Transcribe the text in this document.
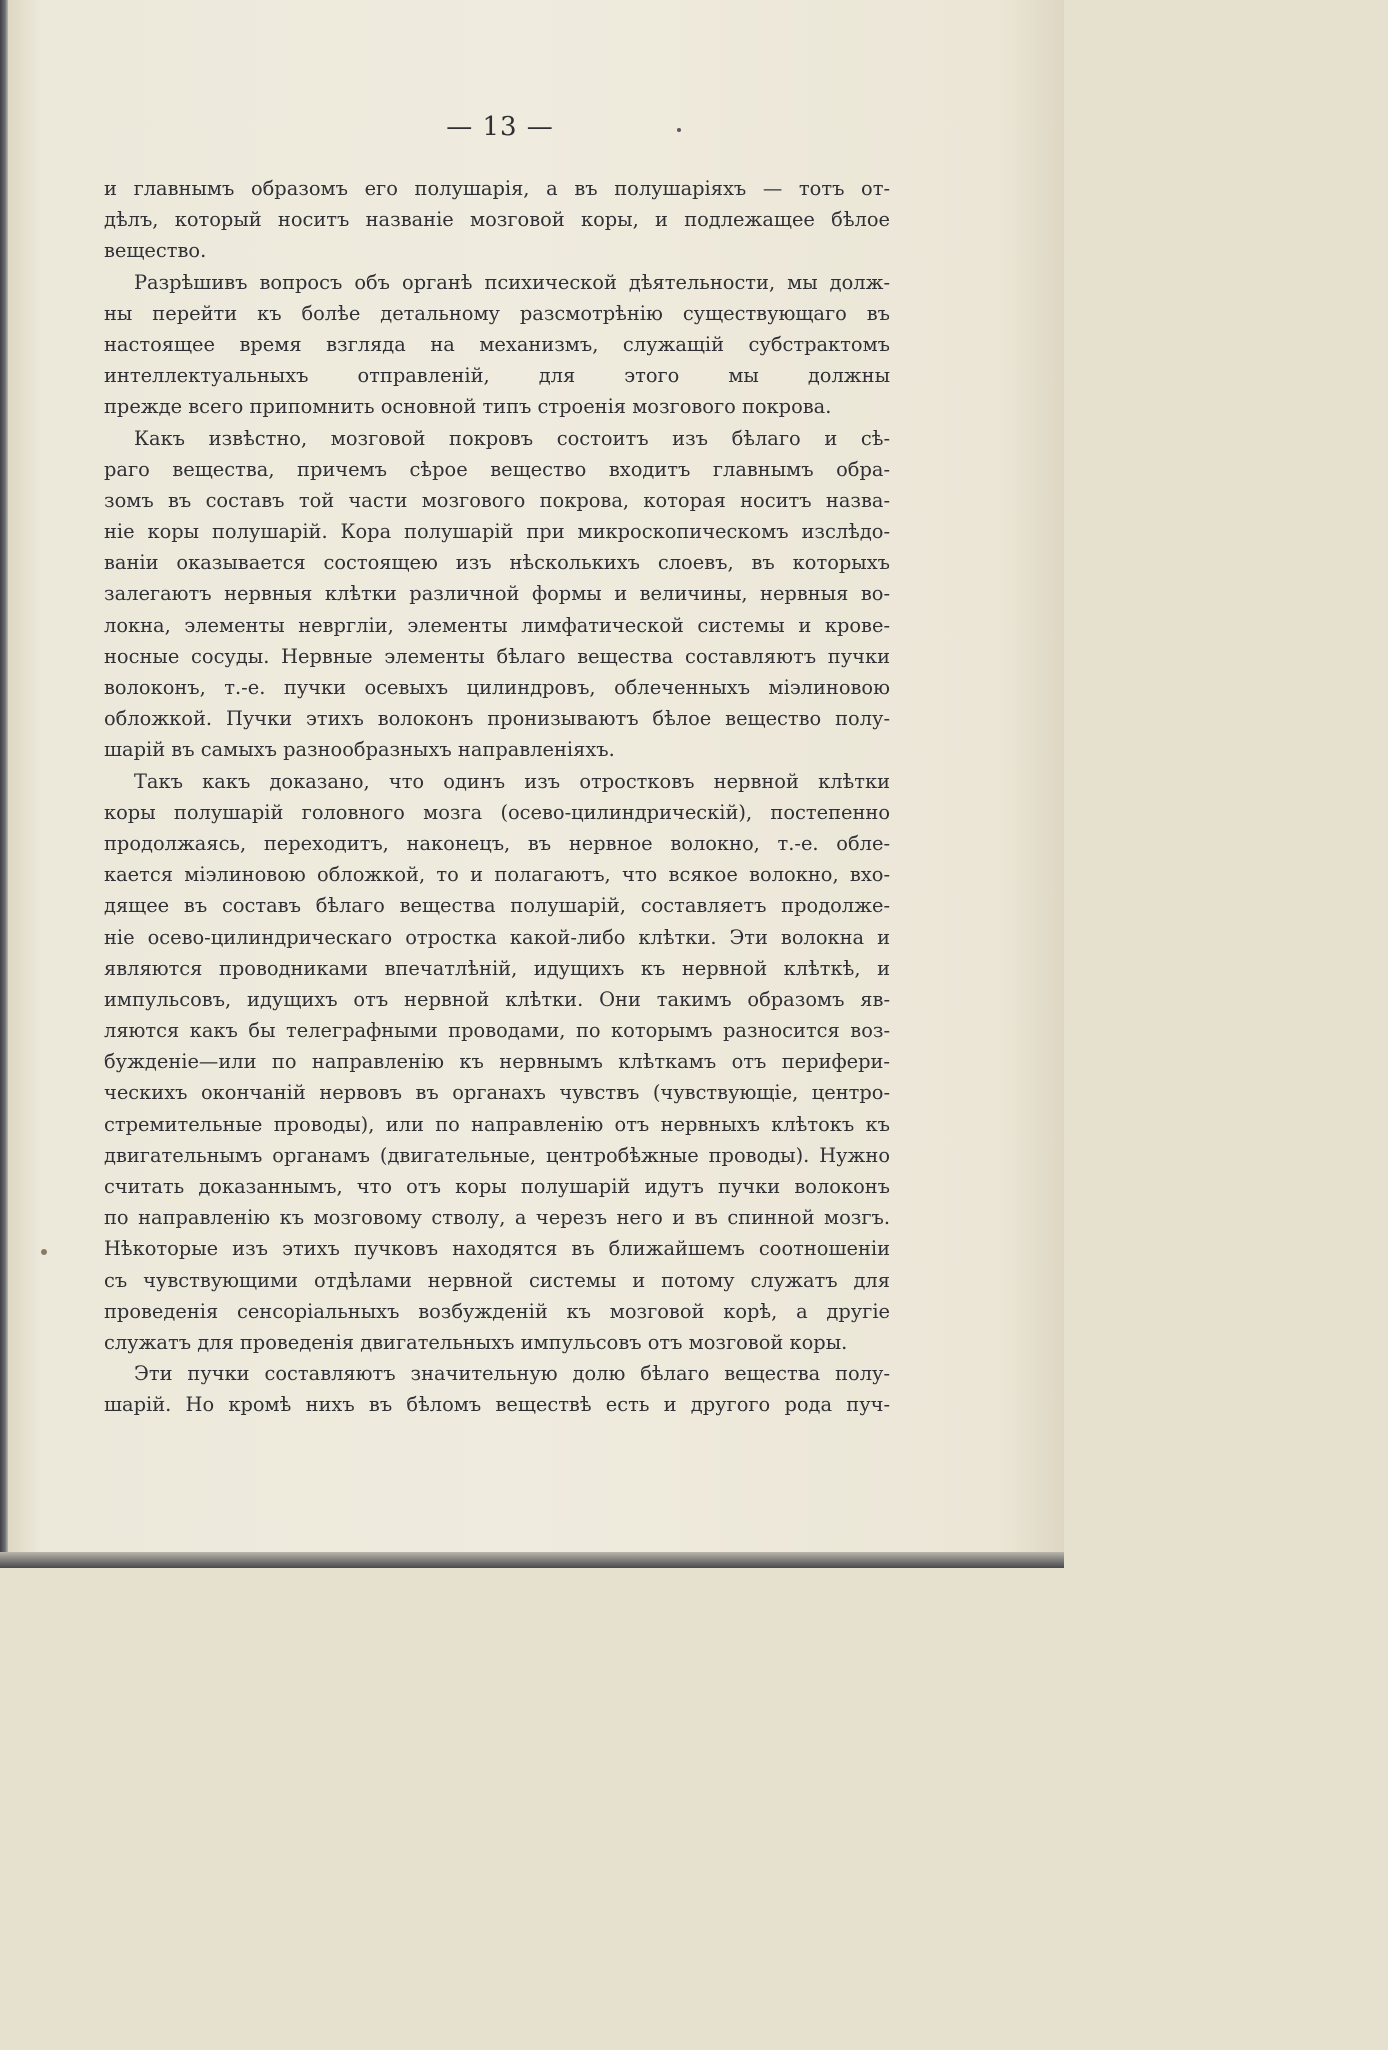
— 13 —
и главнымъ образомъ его полушарія, а въ полушаріяхъ — тотъ от-
дѣлъ, который носитъ названіе мозговой коры, и подлежащее бѣлое
вещество.
Разрѣшивъ вопросъ объ органѣ психической дѣятельности, мы долж-
ны перейти къ болѣе детальному разсмотрѣнію существующаго въ
настоящее время взгляда на механизмъ, служащій субстрактомъ
интеллектуальныхъ отправленій, для этого мы должны
прежде всего припомнить основной типъ строенія мозгового покрова.
Какъ извѣстно, мозговой покровъ состоитъ изъ бѣлаго и сѣ-
раго вещества, причемъ сѣрое вещество входитъ главнымъ обра-
зомъ въ составъ той части мозгового покрова, которая носитъ назва-
ніе коры полушарій. Кора полушарій при микроскопическомъ изслѣдо-
ваніи оказывается состоящею изъ нѣсколькихъ слоевъ, въ которыхъ
залегаютъ нервныя клѣтки различной формы и величины, нервныя во-
локна, элементы невргліи, элементы лимфатической системы и крове-
носные сосуды. Нервные элементы бѣлаго вещества составляютъ пучки
волоконъ, т.-е. пучки осевыхъ цилиндровъ, облеченныхъ міэлиновою
обложкой. Пучки этихъ волоконъ пронизываютъ бѣлое вещество полу-
шарій въ самыхъ разнообразныхъ направленіяхъ.
Такъ какъ доказано, что одинъ изъ отростковъ нервной клѣтки
коры полушарій головного мозга (осево-цилиндрическій), постепенно
продолжаясь, переходитъ, наконецъ, въ нервное волокно, т.-е. обле-
кается міэлиновою обложкой, то и полагаютъ, что всякое волокно, вхо-
дящее въ составъ бѣлаго вещества полушарій, составляетъ продолже-
ніе осево-цилиндрическаго отростка какой-либо клѣтки. Эти волокна и
являются проводниками впечатлѣній, идущихъ къ нервной клѣткѣ, и
импульсовъ, идущихъ отъ нервной клѣтки. Они такимъ образомъ яв-
ляются какъ бы телеграфными проводами, по которымъ разносится воз-
бужденіе—или по направленію къ нервнымъ клѣткамъ отъ перифери-
ческихъ окончаній нервовъ въ органахъ чувствъ (чувствующіе, центро-
стремительные проводы), или по направленію отъ нервныхъ клѣтокъ къ
двигательнымъ органамъ (двигательные, центробѣжные проводы). Нужно
считать доказаннымъ, что отъ коры полушарій идутъ пучки волоконъ
по направленію къ мозговому стволу, а черезъ него и въ спинной мозгъ.
Нѣкоторые изъ этихъ пучковъ находятся въ ближайшемъ соотношеніи
съ чувствующими отдѣлами нервной системы и потому служатъ для
проведенія сенсоріальныхъ возбужденій къ мозговой корѣ, а другіе
служатъ для проведенія двигательныхъ импульсовъ отъ мозговой коры.
Эти пучки составляютъ значительную долю бѣлаго вещества полу-
шарій. Но кромѣ нихъ въ бѣломъ веществѣ есть и другого рода пуч-
